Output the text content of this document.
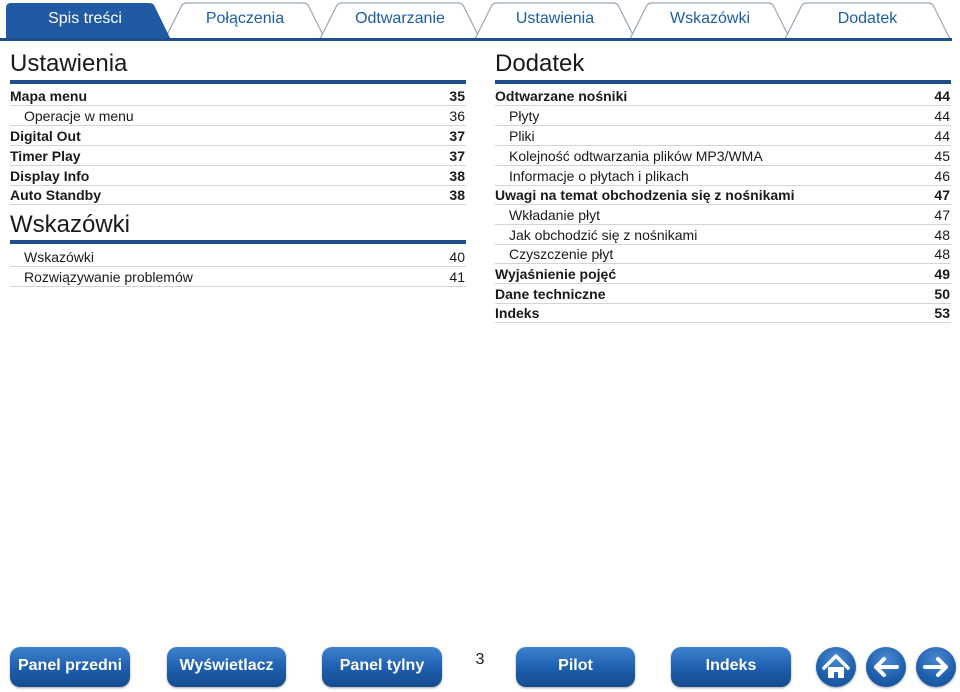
Spis treści	Połączenia	Odtwarzanie	Ustawienia	Wskazówki	Dodatek
Ustawienia
Mapa menu	35
Operacje w menu	36
Digital Out	37
Timer Play	37
Display Info	38
Auto Standby	38
Wskazówki
Wskazówki	40
Rozwiązywanie problemów	41
Dodatek
Odtwarzane nośniki	44
Płyty	44
Pliki	44
Kolejność odtwarzania plików MP3/WMA	45
Informacje o płytach i plikach	46
Uwagi na temat obchodzenia się z nośnikami	47
Wkładanie płyt	47
Jak obchodzić się z nośnikami	48
Czyszczenie płyt	48
Wyjaśnienie pojęć	49
Dane techniczne	50
Indeks	53
Panel przedni	Wyświetlacz	Panel tylny	3	Pilot	Indeks
